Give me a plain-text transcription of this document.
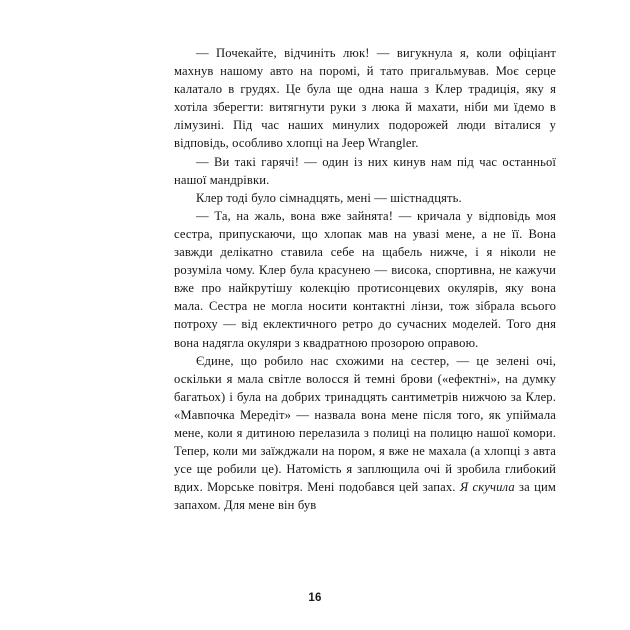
— Почекайте, відчиніть люк! — вигукнула я, коли офіціант махнув нашому авто на поромі, й тато пригальмував. Моє серце калатало в грудях. Це була ще одна наша з Клер традиція, яку я хотіла зберегти: витягнути руки з люка й махати, ніби ми їдемо в лімузині. Під час наших минулих подорожей люди віталися у відповідь, особливо хлопці на Jeep Wrangler.

— Ви такі гарячі! — один із них кинув нам під час останньої нашої мандрівки.

Клер тоді було сімнадцять, мені — шістнадцять.

— Та, на жаль, вона вже зайнята! — кричала у відповідь моя сестра, припускаючи, що хлопак мав на увазі мене, а не її. Вона завжди делікатно ставила себе на щабель нижче, і я ніколи не розуміла чому. Клер була красунею — висока, спортивна, не кажучи вже про найкрутішу колекцію протисонцевих окулярів, яку вона мала. Сестра не могла носити контактні лінзи, тож зібрала всього потроху — від еклектичного ретро до сучасних моделей. Того дня вона надягла окуляри з квадратною прозорою оправою.

Єдине, що робило нас схожими на сестер, — це зелені очі, оскільки я мала світле волосся й темні брови («ефектні», на думку багатьох) і була на добрих тринадцять сантиметрів нижчою за Клер. «Мавпочка Мередіт» — назвала вона мене після того, як упіймала мене, коли я дитиною перелазила з полиці на полицю нашої комори. Тепер, коли ми заїжджали на пором, я вже не махала (а хлопці з авта усе ще робили це). Натомість я заплющила очі й зробила глибокий вдих. Морське повітря. Мені подобався цей запах. Я скучила за цим запахом. Для мене він був

16
